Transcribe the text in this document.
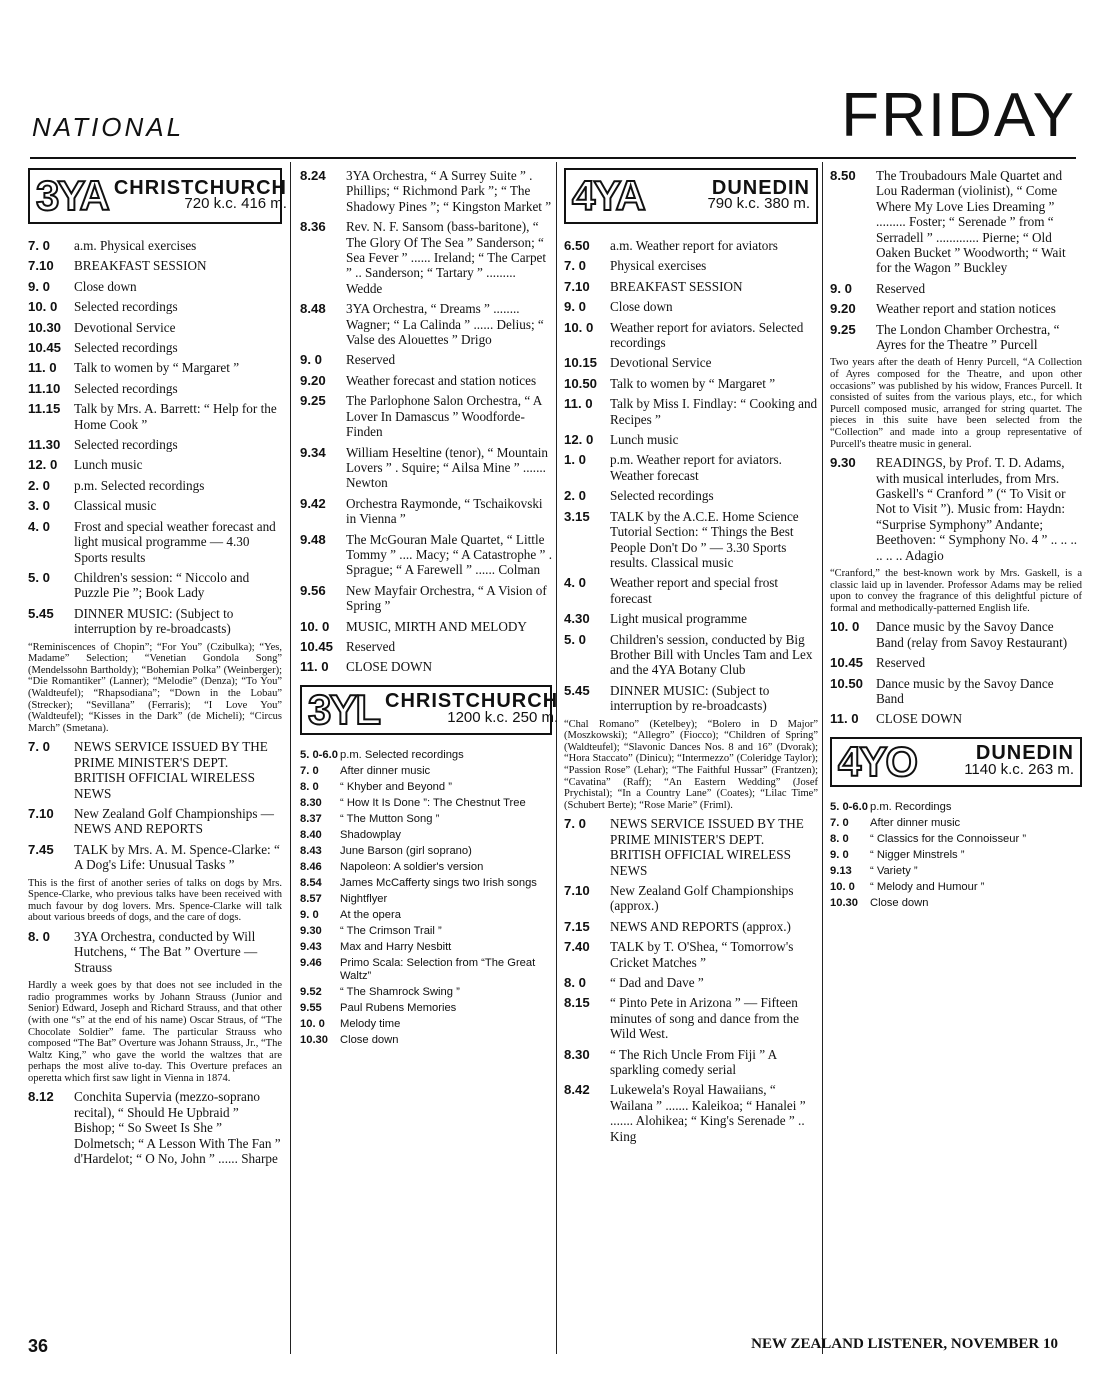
NATIONAL	FRIDAY
3YA CHRISTCHURCH
720 k.c. 416 m.
7. 0	a.m. Physical exercises
7.10	BREAKFAST SESSION
9. 0	Close down
10. 0	Selected recordings
10.30 Devotional Service
10.45 Selected recordings
11. 0	Talk to women by “ Margaret ”
11.10	Selected recordings
11.15	Talk by Mrs. A. Barrett: “ Help for the Home Cook ”
11.30	Selected recordings
12. 0	Lunch music
2. 0	p.m. Selected recordings
3. 0	Classical music
4. 0	Frost and special weather forecast and light musical programme — 4.30 Sports results
5. 0	Children's session: “ Niccolo and Puzzle Pie ”; Book Lady
5.45	DINNER MUSIC: (Subject to interruption by re-broadcasts)

“Reminiscences of Chopin”; “For You” (Czibulka); “Yes, Madame” Selection; “Venetian Gondola Song” (Mendelssohn Bartholdy); “Bohemian Polka” (Weinberger); “Die Romantiker” (Lanner); “Melodie” (Denza); “To You” (Waldteufel); “Rhapsodiana”; “Down in the Lobau” (Strecker); “Sevillana” (Ferraris); “I Love You” (Waldteufel); “Kisses in the Dark” (de Micheli); “Circus March” (Smetana).

7. 0	NEWS SERVICE ISSUED BY THE PRIME MINISTER'S DEPT. BRITISH OFFICIAL WIRELESS NEWS
7.10	New Zealand Golf Championships — NEWS AND REPORTS
7.45	TALK by Mrs. A. M. Spence-Clarke: “ A Dog's Life: Unusual Tasks ”

This is the first of another series of talks on dogs by Mrs. Spence-Clarke, who previous talks have been received with much favour by dog lovers. Mrs. Spence-Clarke will talk about various breeds of dogs, and the care of dogs.

8. 0	3YA Orchestra, conducted by Will Hutchens, “ The Bat ” Overture — Strauss

Hardly a week goes by that does not see included in the radio programmes works by Johann Strauss (Junior and Senior) Edward, Joseph and Richard Strauss, and that other (with one “s” at the end of his name) Oscar Straus, of “The Chocolate Soldier” fame. The particular Strauss who composed “The Bat” Overture was Johann Strauss, Jr., “The Waltz King,” who gave the world the waltzes that are perhaps the most alive to-day. This Overture prefaces an operetta which first saw light in Vienna in 1874.

8.12	Conchita Supervia (mezzo-soprano recital), “ Should He Upbraid ” Bishop; “ So Sweet Is She ” Dolmetsch; “ A Lesson With The Fan ” d'Hardelot; “ O No, John ” ...... Sharpe
8.24	3YA Orchestra, “ A Surrey Suite ” . Phillips; “ Richmond Park ”; “ The Shadowy Pines ”; “ Kingston Market ”
8.36	Rev. N. F. Sansom (bass-baritone), “ The Glory Of The Sea ” Sanderson; “ Sea Fever ” ...... Ireland; “ The Carpet ” .. Sanderson; “ Tartary ” ......... Wedde
8.48	3YA Orchestra, “ Dreams ” ........ Wagner; “ La Calinda ” ...... Delius; “ Valse des Alouettes ” Drigo
9. 0	Reserved
9.20	Weather forecast and station notices
9.25	The Parlophone Salon Orchestra, “ A Lover In Damascus ” Woodforde-Finden
9.34	William Heseltine (tenor), “ Mountain Lovers ” . Squire; “ Ailsa Mine ” ....... Newton
9.42	Orchestra Raymonde, “ Tschaikovski in Vienna ”
9.48	The McGouran Male Quartet, “ Little Tommy ” .... Macy; “ A Catastrophe ” . Sprague; “ A Farewell ” ...... Colman
9.56	New Mayfair Orchestra, “ A Vision of Spring ”
10. 0	MUSIC, MIRTH AND MELODY
10.45 Reserved
11. 0	CLOSE DOWN
3YL CHRISTCHURCH
1200 k.c. 250 m.
5. 0-6.0 p.m. Selected recordings
7. 0	After dinner music
8. 0	“ Khyber and Beyond ”
8.30	“ How It Is Done ”: The Chestnut Tree
8.37	“ The Mutton Song ”
8.40	Shadowplay
8.43	June Barson (girl soprano)
8.46	Napoleon: A soldier's version
8.54	James McCafferty sings two Irish songs
8.57	Nightflyer
9. 0	At the opera
9.30	“ The Crimson Trail ”
9.43	Max and Harry Nesbitt
9.46	Primo Scala: Selection from “The Great Waltz”
9.52	“ The Shamrock Swing ”
9.55	Paul Rubens Memories
10. 0	Melody time
10.30	Close down
4YA	DUNEDIN
790 k.c. 380 m.
6.50	a.m. Weather report for aviators
7. 0	Physical exercises
7.10	BREAKFAST SESSION
9. 0	Close down
10. 0	Weather report for aviators. Selected recordings
10.15 Devotional Service
10.50 Talk to women by “ Margaret ”
11. 0	Talk by Miss I. Findlay: “ Cooking and Recipes ”
12. 0	Lunch music
1. 0	p.m. Weather report for aviators. Weather forecast
2. 0	Selected recordings
3.15	TALK by the A.C.E. Home Science Tutorial Section: “ Things the Best People Don't Do ” — 3.30 Sports results. Classical music
4. 0	Weather report and special frost forecast
4.30	Light musical programme
5. 0	Children's session, conducted by Big Brother Bill with Uncles Tam and Lex and the 4YA Botany Club
5.45	DINNER MUSIC: (Subject to interruption by re-broadcasts)

“Chal Romano” (Ketelbey); “Bolero in D Major” (Moszkowski); “Allegro” (Fiocco); “Children of Spring” (Waldteufel); “Slavonic Dances Nos. 8 and 16” (Dvorak); “Hora Staccato” (Dinicu); “Intermezzo” (Coleridge Taylor); “Passion Rose” (Lehar); “The Faithful Hussar” (Frantzen); “Cavatina” (Raff); “An Eastern Wedding” (Josef Prychistal); “In a Country Lane” (Coates); “Lilac Time” (Schubert Berte); “Rose Marie” (Friml).

7. 0	NEWS SERVICE ISSUED BY THE PRIME MINISTER'S DEPT. BRITISH OFFICIAL WIRELESS NEWS
7.10	New Zealand Golf Championships (approx.)
7.15	NEWS AND REPORTS (approx.)
7.40	TALK by T. O'Shea, “ Tomorrow's Cricket Matches ”
8. 0	“ Dad and Dave ”
8.15	“ Pinto Pete in Arizona ” — Fifteen minutes of song and dance from the Wild West.
8.30	“ The Rich Uncle From Fiji ” A sparkling comedy serial
8.42	Lukewela's Royal Hawaiians, “ Wailana ” ....... Kaleikoa; “ Hanalei ” ....... Alohikea; “ King's Serenade ” .. King
8.50	The Troubadours Male Quartet and Lou Raderman (violinist), “ Come Where My Love Lies Dreaming ” ......... Foster; “ Serenade ” from “ Serradell ” ............. Pierne; “ Old Oaken Bucket ” Woodworth; “ Wait for the Wagon ” Buckley
9. 0	Reserved
9.20	Weather report and station notices
9.25	The London Chamber Orchestra, “ Ayres for the Theatre ” Purcell

Two years after the death of Henry Purcell, “A Collection of Ayres composed for the Theatre, and upon other occasions” was published by his widow, Frances Purcell. It consisted of suites from the various plays, etc., for which Purcell composed music, arranged for string quartet. The pieces in this suite have been selected from the “Collection” and made into a group representative of Purcell's theatre music in general.

9.30	READINGS, by Prof. T. D. Adams, with musical interludes, from Mrs. Gaskell's “ Cranford ” (“ To Visit or Not to Visit ”). Music from: Haydn: “Surprise Symphony” Andante; Beethoven: “ Symphony No. 4 ” .. .. .. .. .. .. Adagio

“Cranford,” the best-known work by Mrs. Gaskell, is a classic laid up in lavender. Professor Adams may be relied upon to convey the fragrance of this delightful picture of formal and methodically-patterned English life.

10. 0	Dance music by the Savoy Dance Band (relay from Savoy Restaurant)
10.45 Reserved
10.50 Dance music by the Savoy Dance Band
11. 0	CLOSE DOWN
4YO	DUNEDIN
1140 k.c. 263 m.
5. 0-6.0 p.m. Recordings
7. 0	After dinner music
8. 0	“ Classics for the Connoisseur ”
9. 0	“ Nigger Minstrels ”
9.13	“ Variety ”
10. 0	“ Melody and Humour ”
10.30	Close down
36	NEW ZEALAND LISTENER, NOVEMBER 10
